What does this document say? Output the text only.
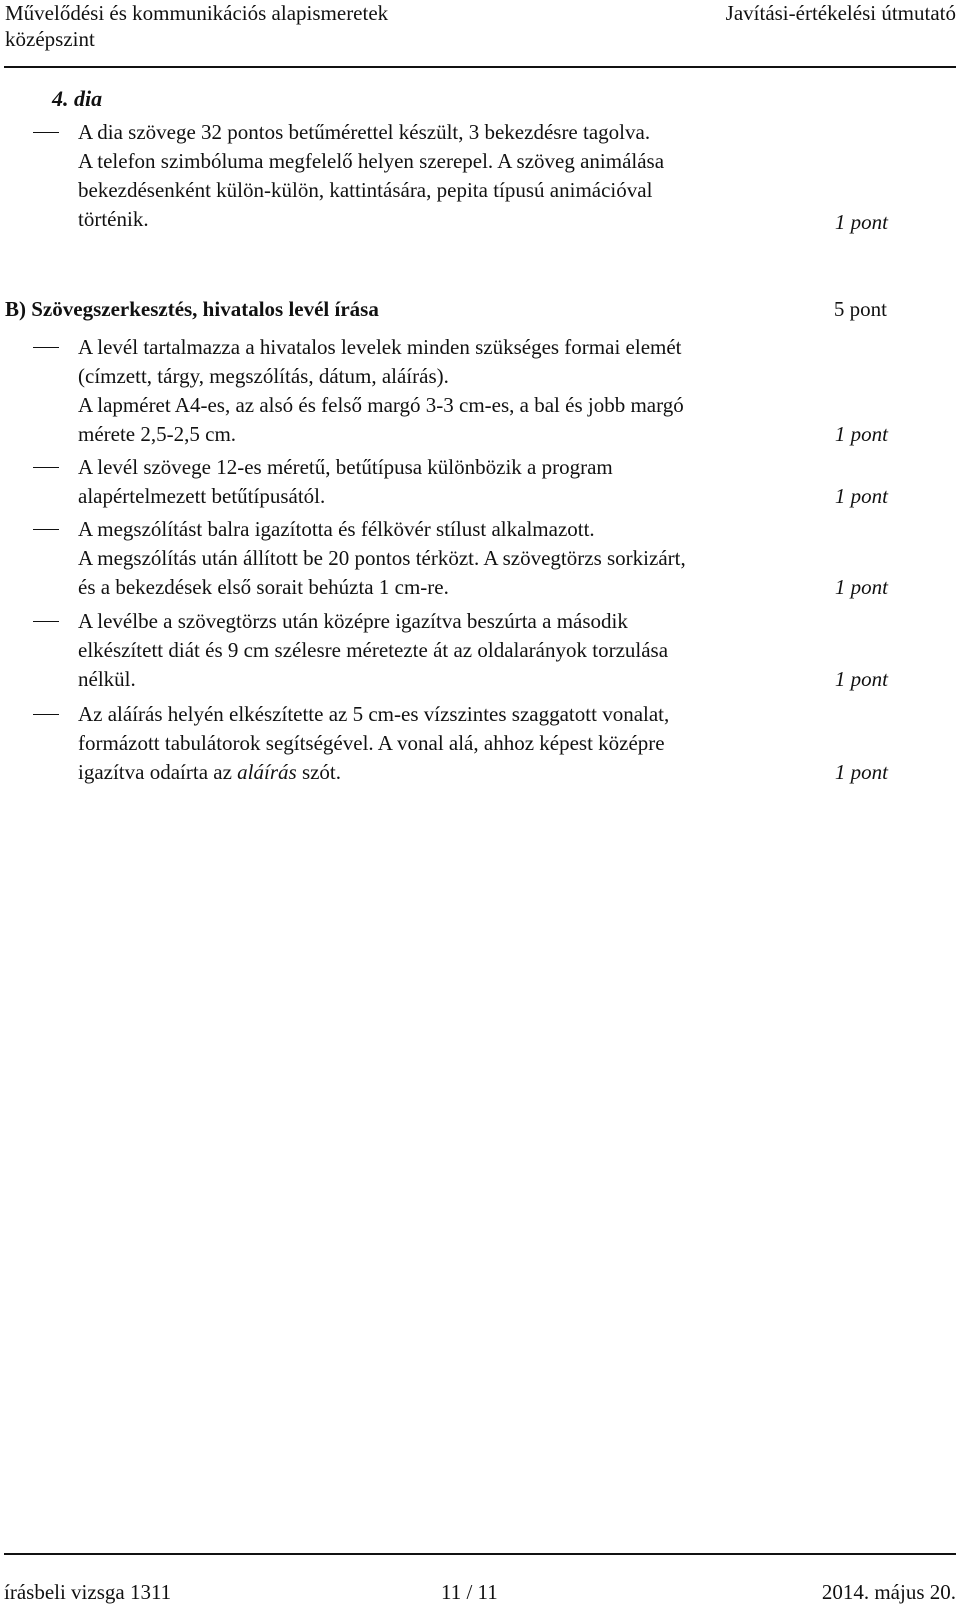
Művelődési és kommunikációs alapismeretek
középszint
Javítási-értékelési útmutató
4. dia

A dia szövege 32 pontos betűmérettel készült, 3 bekezdésre tagolva.

A telefon szimbóluma megfelelő helyen szerepel. A szöveg animálása

bekezdésenként külön-külön, kattintására, pepita típusú animációval

történik.	1 pont
B) Szövegszerkesztés, hivatalos levél írása	5 pont

A levél tartalmazza a hivatalos levelek minden szükséges formai elemét

(címzett, tárgy, megszólítás, dátum, aláírás).

A lapméret A4-es, az alsó és felső margó 3-3 cm-es, a bal és jobb margó

mérete 2,5-2,5 cm.	1 pont

A levél szövege 12-es méretű, betűtípusa különbözik a program

alapértelmezett betűtípusától.	1 pont

A megszólítást balra igazította és félkövér stílust alkalmazott.

A megszólítás után állított be 20 pontos térközt. A szövegtörzs sorkizárt,

és a bekezdések első sorait behúzta 1 cm-re.	1 pont

A levélbe a szövegtörzs után középre igazítva beszúrta a második

elkészített diát és 9 cm szélesre méretezte át az oldalarányok torzulása

nélkül.	1 pont

Az aláírás helyén elkészítette az 5 cm-es vízszintes szaggatott vonalat,

formázott tabulátorok segítségével. A vonal alá, ahhoz képest középre

igazítva odaírta az aláírás szót.	1 pont
írásbeli vizsga 1311	11 / 11	2014. május 20.
